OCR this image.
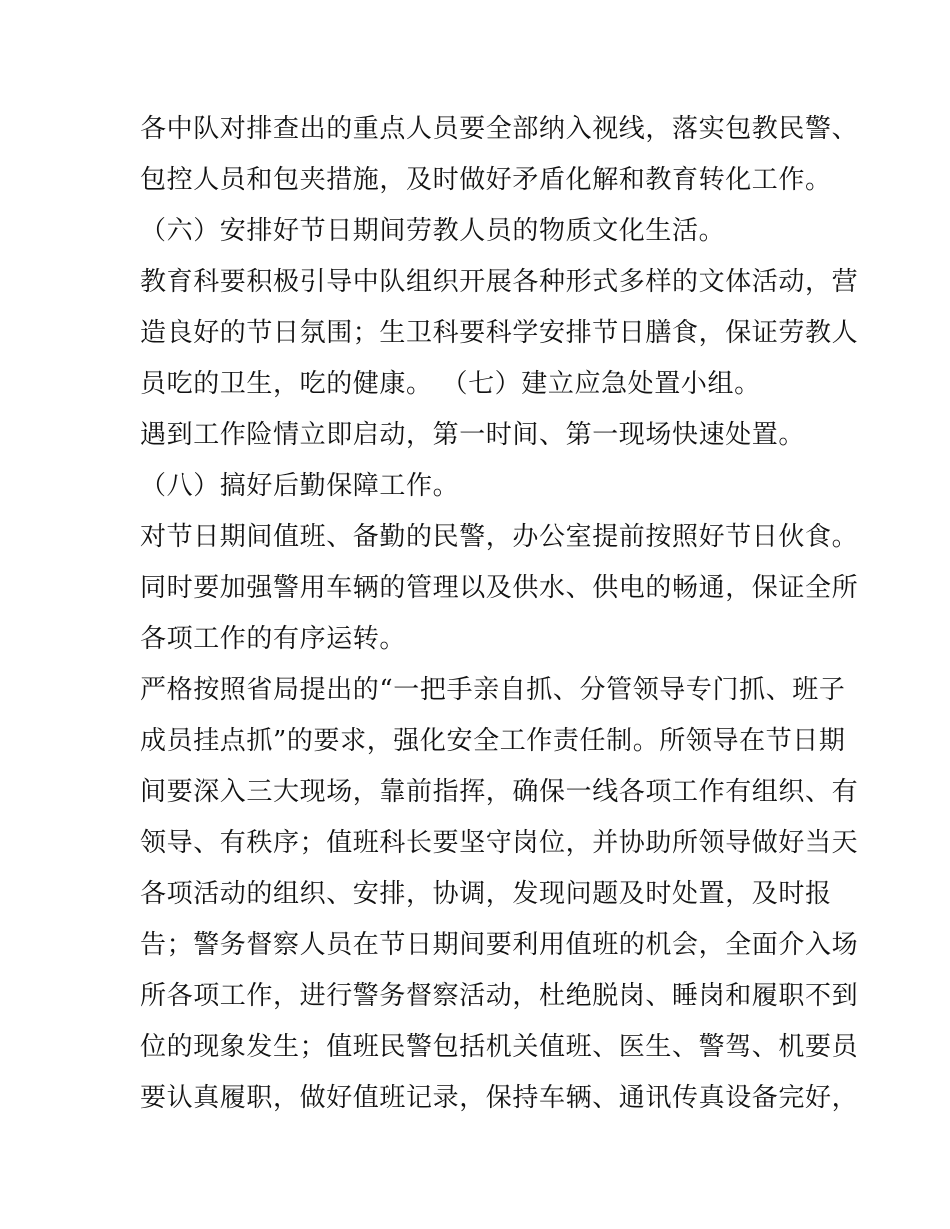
各中队对排查出的重点人员要全部纳入视线，落实包教民警、
包控人员和包夹措施，及时做好矛盾化解和教育转化工作。
（六）安排好节日期间劳教人员的物质文化生活。
教育科要积极引导中队组织开展各种形式多样的文体活动，营
造良好的节日氛围；生卫科要科学安排节日膳食，保证劳教人
员吃的卫生，吃的健康。 （七）建立应急处置小组。
遇到工作险情立即启动，第一时间、第一现场快速处置。
（八）搞好后勤保障工作。
对节日期间值班、备勤的民警，办公室提前按照好节日伙食。
同时要加强警用车辆的管理以及供水、供电的畅通，保证全所
各项工作的有序运转。
严格按照省局提出的“一把手亲自抓、分管领导专门抓、班子
成员挂点抓”的要求，强化安全工作责任制。所领导在节日期
间要深入三大现场，靠前指挥，确保一线各项工作有组织、有
领导、有秩序；值班科长要坚守岗位，并协助所领导做好当天
各项活动的组织、安排，协调，发现问题及时处置，及时报
告；警务督察人员在节日期间要利用值班的机会，全面介入场
所各项工作，进行警务督察活动，杜绝脱岗、睡岗和履职不到
位的现象发生；值班民警包括机关值班、医生、警驾、机要员
要认真履职，做好值班记录，保持车辆、通讯传真设备完好，
